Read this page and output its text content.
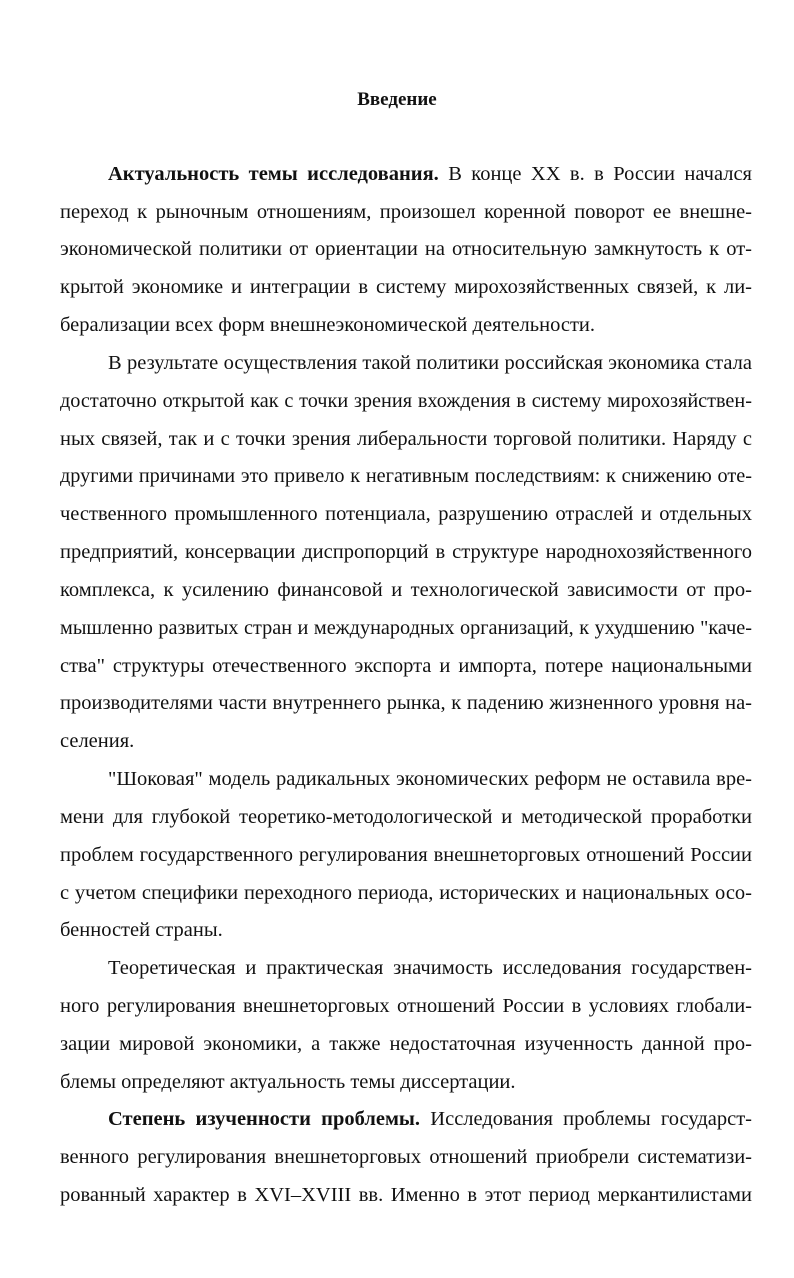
Введение

Актуальность темы исследования. В конце XX в. в России начался

переход к рыночным отношениям, произошел коренной поворот ее внешне-

экономической политики от ориентации на относительную замкнутость к от-

крытой экономике и интеграции в систему мирохозяйственных связей, к ли-

берализации всех форм внешнеэкономической деятельности.

В результате осуществления такой политики российская экономика стала

достаточно открытой как с точки зрения вхождения в систему мирохозяйствен-

ных связей, так и с точки зрения либеральности торговой политики. Наряду с

другими причинами это привело к негативным последствиям: к снижению оте-

чественного промышленного потенциала, разрушению отраслей и отдельных

предприятий, консервации диспропорций в структуре народнохозяйственного

комплекса, к усилению финансовой и технологической зависимости от про-

мышленно развитых стран и международных организаций, к ухудшению "каче-

ства" структуры отечественного экспорта и импорта, потере национальными

производителями части внутреннего рынка, к падению жизненного уровня на-

селения.

"Шоковая" модель радикальных экономических реформ не оставила вре-

мени для глубокой теоретико-методологической и методической проработки

проблем государственного регулирования внешнеторговых отношений России

с учетом специфики переходного периода, исторических и национальных осо-

бенностей страны.

Теоретическая и практическая значимость исследования государствен-

ного регулирования внешнеторговых отношений России в условиях глобали-

зации мировой экономики, а также недостаточная изученность данной про-

блемы определяют актуальность темы диссертации.

Степень изученности проблемы. Исследования проблемы государст-

венного регулирования внешнеторговых отношений приобрели систематизи-

рованный характер в XVI–XVIII вв. Именно в этот период меркантилистами
